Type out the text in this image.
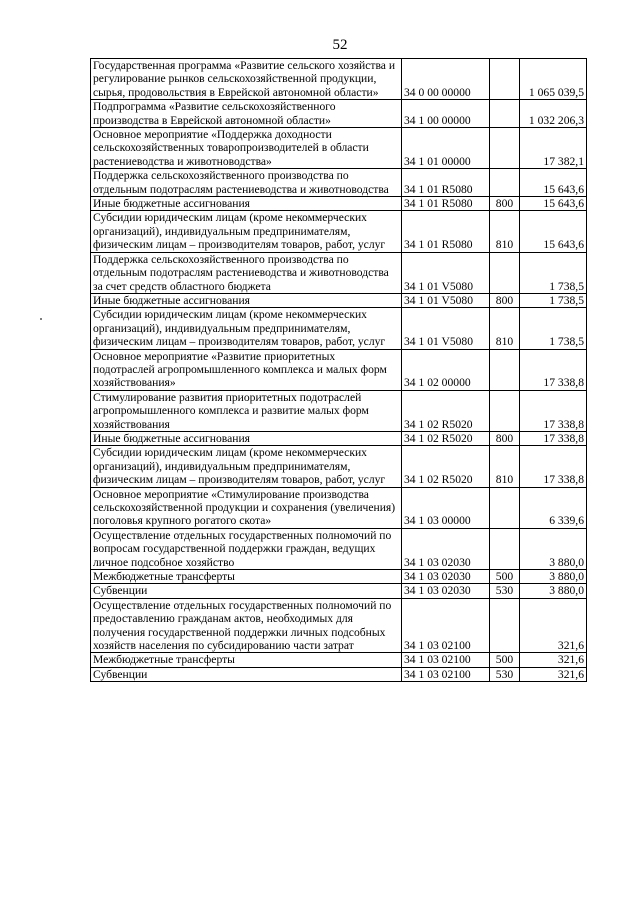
52
Государственная программа «Развитие сельского хозяйства и регулирование рынков сельскохозяйственной продукции, сырья, продовольствия в Еврейской автономной области»	34 0 00 00000		1 065 039,5
Подпрограмма «Развитие сельскохозяйственного производства в Еврейской автономной области»	34 1 00 00000		1 032 206,3
Основное мероприятие «Поддержка доходности сельскохозяйственных товаропроизводителей в области растениеводства и животноводства»	34 1 01 00000		17 382,1
Поддержка сельскохозяйственного производства по отдельным подотраслям растениеводства и животноводства	34 1 01 R5080		15 643,6
Иные бюджетные ассигнования	34 1 01 R5080	800	15 643,6
Субсидии юридическим лицам (кроме некоммерческих организаций), индивидуальным предпринимателям, физическим лицам – производителям товаров, работ, услуг	34 1 01 R5080	810	15 643,6
Поддержка сельскохозяйственного производства по отдельным подотраслям растениеводства и животноводства за счет средств областного бюджета	34 1 01 V5080		1 738,5
Иные бюджетные ассигнования	34 1 01 V5080	800	1 738,5
Субсидии юридическим лицам (кроме некоммерческих организаций), индивидуальным предпринимателям, физическим лицам – производителям товаров, работ, услуг	34 1 01 V5080	810	1 738,5
Основное мероприятие «Развитие приоритетных подотраслей агропромышленного комплекса и малых форм хозяйствования»	34 1 02 00000		17 338,8
Стимулирование развития приоритетных подотраслей агропромышленного комплекса и развитие малых форм хозяйствования	34 1 02 R5020		17 338,8
Иные бюджетные ассигнования	34 1 02 R5020	800	17 338,8
Субсидии юридическим лицам (кроме некоммерческих организаций), индивидуальным предпринимателям, физическим лицам – производителям товаров, работ, услуг	34 1 02 R5020	810	17 338,8
Основное мероприятие «Стимулирование производства сельскохозяйственной продукции и сохранения (увеличения) поголовья крупного рогатого скота»	34 1 03 00000		6 339,6
Осуществление отдельных государственных полномочий по вопросам государственной поддержки граждан, ведущих личное подсобное хозяйство	34 1 03 02030		3 880,0
Межбюджетные трансферты	34 1 03 02030	500	3 880,0
Субвенции	34 1 03 02030	530	3 880,0
Осуществление отдельных государственных полномочий по предоставлению гражданам актов, необходимых для получения государственной поддержки личных подсобных хозяйств населения по субсидированию части затрат	34 1 03 02100		321,6
Межбюджетные трансферты	34 1 03 02100	500	321,6
Субвенции	34 1 03 02100	530	321,6
